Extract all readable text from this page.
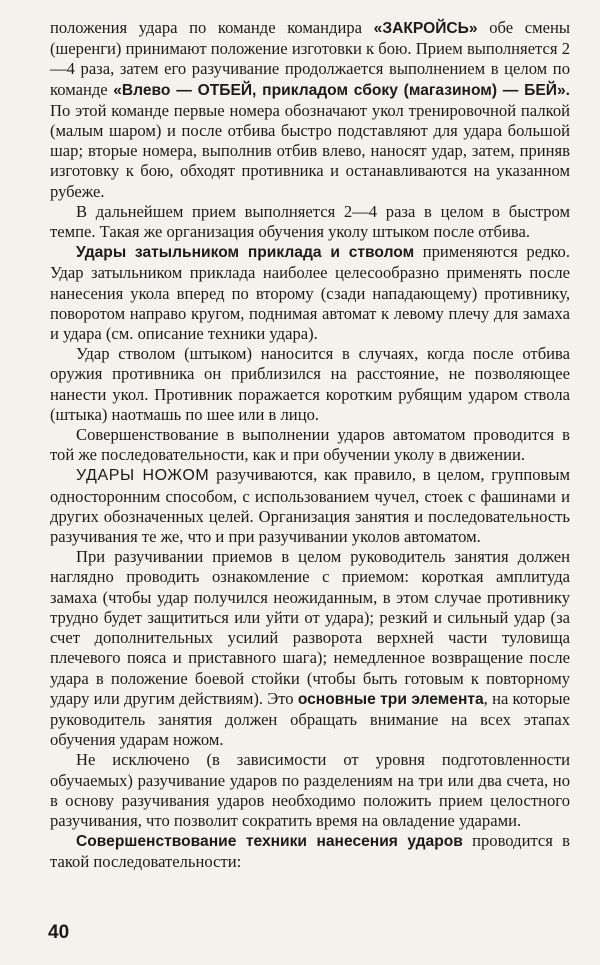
положения удара по команде командира «ЗАКРОЙСЬ» обе смены (шеренги) принимают положение изготовки к бою. Прием выполняется 2—4 раза, затем его разучивание продолжается выполнением в целом по команде «Влево — ОТБЕЙ, прикладом сбоку (магазином) — БЕЙ». По этой команде первые номера обозначают укол тренировочной палкой (малым шаром) и после отбива быстро подставляют для удара большой шар; вторые номера, выполнив отбив влево, наносят удар, затем, приняв изготовку к бою, обходят противника и останавливаются на указанном рубеже.

В дальнейшем прием выполняется 2—4 раза в целом в быстром темпе. Такая же организация обучения уколу штыком после отбива.

Удары затыльником приклада и стволом применяются редко. Удар затыльником приклада наиболее целесообразно применять после нанесения укола вперед по второму (сзади нападающему) противнику, поворотом направо кругом, поднимая автомат к левому плечу для замаха и удара (см. описание техники удара).

Удар стволом (штыком) наносится в случаях, когда после отбива оружия противника он приблизился на расстояние, не позволяющее нанести укол. Противник поражается коротким рубящим ударом ствола (штыка) наотмашь по шее или в лицо.

Совершенствование в выполнении ударов автоматом проводится в той же последовательности, как и при обучении уколу в движении.

УДАРЫ НОЖОМ разучиваются, как правило, в целом, групповым односторонним способом, с использованием чучел, стоек с фашинами и других обозначенных целей. Организация занятия и последовательность разучивания те же, что и при разучивании уколов автоматом.

При разучивании приемов в целом руководитель занятия должен наглядно проводить ознакомление с приемом: короткая амплитуда замаха (чтобы удар получился неожиданным, в этом случае противнику трудно будет защититься или уйти от удара); резкий и сильный удар (за счет дополнительных усилий разворота верхней части туловища плечевого пояса и приставного шага); немедленное возвращение после удара в положение боевой стойки (чтобы быть готовым к повторному удару или другим действиям). Это основные три элемента, на которые руководитель занятия должен обращать внимание на всех этапах обучения ударам ножом.

Не исключено (в зависимости от уровня подготовленности обучаемых) разучивание ударов по разделениям на три или два счета, но в основу разучивания ударов необходимо положить прием целостного разучивания, что позволит сократить время на овладение ударами.

Совершенствование техники нанесения ударов проводится в такой последовательности:

40
